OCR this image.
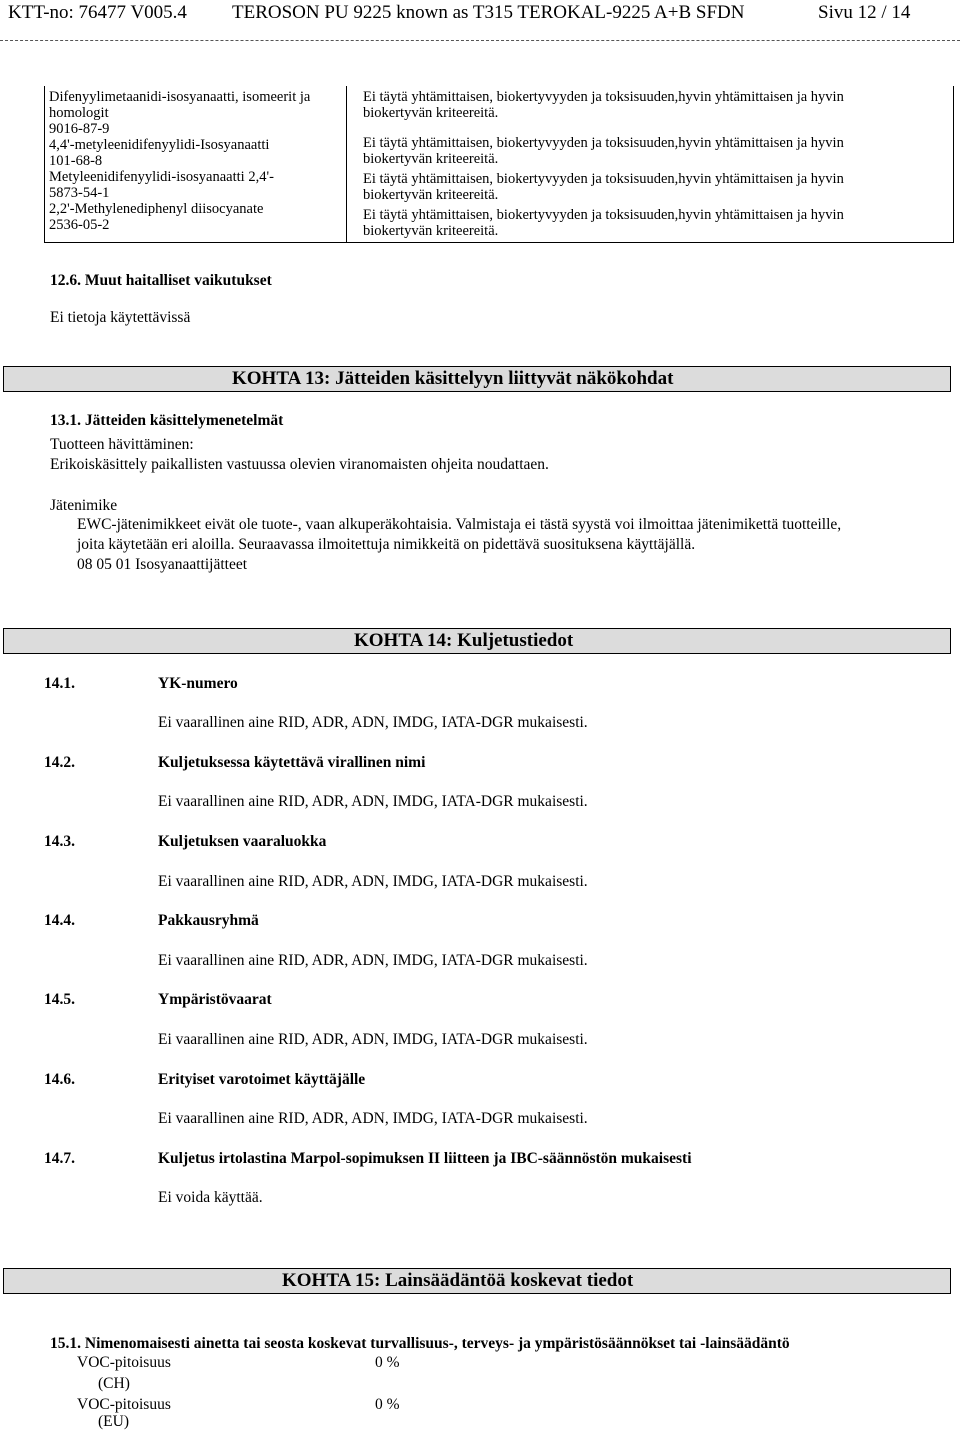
KTT-no: 76477 V005.4 TEROSON PU 9225 known as T315 TEROKAL-9225 A+B SFDN	Sivu 12 / 14
Difenyylimetaanidi-isosyanaatti, isomeerit ja
homologit
9016-87-9
4,4'-metyleenidifenyylidi-Isosyanaatti
101-68-8
Metyleenidifenyylidi-isosyanaatti 2,4'-
5873-54-1
2,2'-Methylenediphenyl diisocyanate
2536-05-2

Ei täytä yhtämittaisen, biokertyvyyden ja toksisuuden,hyvin yhtämittaisen ja hyvin biokertyvän kriteereitä.
Ei täytä yhtämittaisen, biokertyvyyden ja toksisuuden,hyvin yhtämittaisen ja hyvin biokertyvän kriteereitä.
Ei täytä yhtämittaisen, biokertyvyyden ja toksisuuden,hyvin yhtämittaisen ja hyvin biokertyvän kriteereitä.
Ei täytä yhtämittaisen, biokertyvyyden ja toksisuuden,hyvin yhtämittaisen ja hyvin biokertyvän kriteereitä.
12.6. Muut haitalliset vaikutukset
Ei tietoja käytettävissä
KOHTA 13: Jätteiden käsittelyyn liittyvät näkökohdat
13.1. Jätteiden käsittelymenetelmät
Tuotteen hävittäminen:
Erikoiskäsittely paikallisten vastuussa olevien viranomaisten ohjeita noudattaen.
Jätenimike
EWC-jätenimikkeet eivät ole tuote-, vaan alkuperäkohtaisia. Valmistaja ei tästä syystä voi ilmoittaa jätenimikettä tuotteille,
joita käytetään eri aloilla. Seuraavassa ilmoitettuja nimikkeitä on pidettävä suosituksena käyttäjällä.
08 05 01 Isosyanaattijätteet
KOHTA 14: Kuljetustiedot
14.1.	YK-numero
Ei vaarallinen aine RID, ADR, ADN, IMDG, IATA-DGR mukaisesti.
14.2.	Kuljetuksessa käytettävä virallinen nimi
Ei vaarallinen aine RID, ADR, ADN, IMDG, IATA-DGR mukaisesti.
14.3.	Kuljetuksen vaaraluokka
Ei vaarallinen aine RID, ADR, ADN, IMDG, IATA-DGR mukaisesti.
14.4.	Pakkausryhmä
Ei vaarallinen aine RID, ADR, ADN, IMDG, IATA-DGR mukaisesti.
14.5.	Ympäristövaarat
Ei vaarallinen aine RID, ADR, ADN, IMDG, IATA-DGR mukaisesti.
14.6.	Erityiset varotoimet käyttäjälle
Ei vaarallinen aine RID, ADR, ADN, IMDG, IATA-DGR mukaisesti.
14.7.	Kuljetus irtolastina Marpol-sopimuksen II liitteen ja IBC-säännöstön mukaisesti
Ei voida käyttää.
KOHTA 15: Lainsäädäntöä koskevat tiedot
15.1. Nimenomaisesti ainetta tai seosta koskevat turvallisuus-, terveys- ja ympäristösäännökset tai -lainsäädäntö
VOC-pitoisuus	0 %
(CH)
VOC-pitoisuus	0 %
(EU)
